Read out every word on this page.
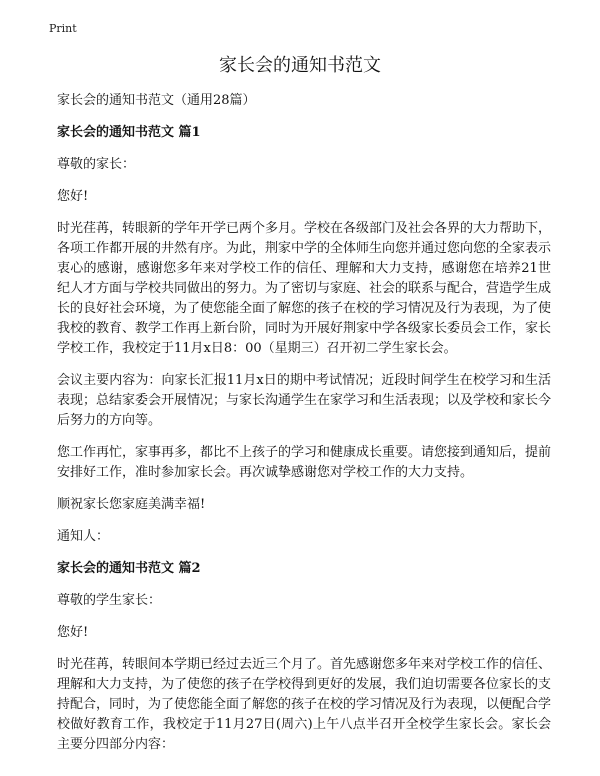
Print
家长会的通知书范文

家长会的通知书范文（通用28篇）

家长会的通知书范文 篇1

尊敬的家长：

您好!

时光荏苒，转眼新的学年开学已两个多月。学校在各级部门及社会各界的大力帮助下，各项工作都开展的井然有序。为此，荆家中学的全体师生向您并通过您向您的全家表示衷心的感谢，感谢您多年来对学校工作的信任、理解和大力支持，感谢您在培养21世纪人才方面与学校共同做出的努力。为了密切与家庭、社会的联系与配合，营造学生成长的良好社会环境，为了使您能全面了解您的孩子在校的学习情况及行为表现，为了使我校的教育、教学工作再上新台阶，同时为开展好荆家中学各级家长委员会工作，家长学校工作，我校定于11月x日8：00（星期三）召开初二学生家长会。

会议主要内容为：向家长汇报11月x日的期中考试情况；近段时间学生在校学习和生活表现；总结家委会开展情况；与家长沟通学生在家学习和生活表现；以及学校和家长今后努力的方向等。

您工作再忙，家事再多，都比不上孩子的学习和健康成长重要。请您接到通知后，提前安排好工作，准时参加家长会。再次诚挚感谢您对学校工作的大力支持。

顺祝家长您家庭美满幸福!

通知人：

家长会的通知书范文 篇2

尊敬的学生家长：

您好!

时光荏苒，转眼间本学期已经过去近三个月了。首先感谢您多年来对学校工作的信任、理解和大力支持，为了使您的孩子在学校得到更好的发展，我们迫切需要各位家长的支持配合，同时，为了使您能全面了解您的孩子在校的学习情况及行为表现，以便配合学校做好教育工作，我校定于11月27日(周六)上午八点半召开全校学生家长会。家长会主要分四部分内容：
